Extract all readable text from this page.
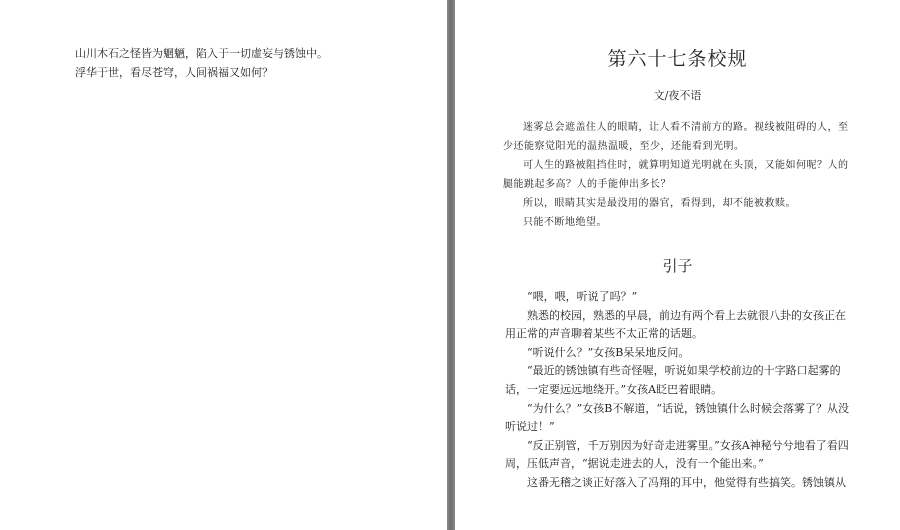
山川木石之怪皆为魍魉，陷入于一切虚妄与锈蚀中。

浮华于世，看尽苍穹，人间祸福又如何？

第六十七条校规
文/夜不语

迷雾总会遮盖住人的眼睛，让人看不清前方的路。视线被阻碍的人，至少还能察觉阳光的温热温暖，至少，还能看到光明。

可人生的路被阻挡住时，就算明知道光明就在头顶，又能如何呢？人的腿能跳起多高？人的手能伸出多长？

所以，眼睛其实是最没用的器官，看得到，却不能被救赎。

只能不断地绝望。

引子

“喂，喂，听说了吗？”

熟悉的校园，熟悉的早晨，前边有两个看上去就很八卦的女孩正在用正常的声音聊着某些不太正常的话题。

“听说什么？”女孩B呆呆地反问。

“最近的锈蚀镇有些奇怪喔，听说如果学校前边的十字路口起雾的话，一定要远远地绕开。”女孩A眨巴着眼睛。

“为什么？”女孩B不解道，“话说，锈蚀镇什么时候会落雾了？从没听说过！”

“反正别管，千万别因为好奇走进雾里。”女孩A神秘兮兮地看了看四周，压低声音，“据说走进去的人，没有一个能出来。”

这番无稽之谈正好落入了冯翔的耳中，他觉得有些搞笑。锈蚀镇从
